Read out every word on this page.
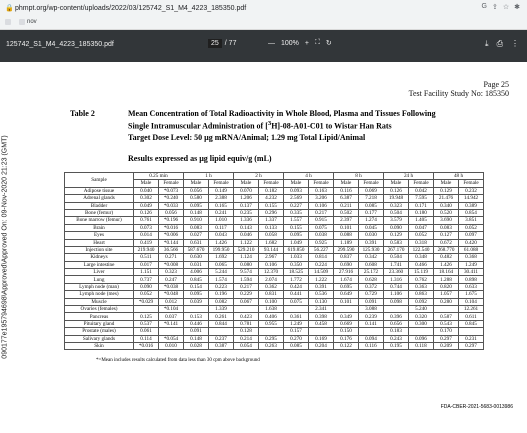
🔒 phmpt.org/wp-content/uploads/2022/03/125742_S1_M4_4223_185350.pdf	G ⇪ ☆ ✱
nov
125742_S1_M4_4223_185350.pdf	25 / 77	— 100% + ⛶ ↻	⤓ ⎙ ⋮
090177e195794698\Approved\Approved On: 09-Nov-2020 21:23 (GMT)
Page 25
Test Facility Study No: 185350
Table 2	Mean Concentration of Total Radioactivity in Whole Blood, Plasma and Tissues Following Single Intramuscular Administration of [$^3$H]-08-A01-C01 to Wistar Han Rats
Target Dose Level: 50 µg mRNA/Animal; 1.29 mg Total Lipid/Animal
Results expressed as µg lipid equiv/g (mL)
Sample	0.25 min		1 h		2 h		4 h		8 h		24 h		48 h	
	Male	Female	Male	Female	Male	Female	Male	Female	Male	Female	Male	Female	Male	Female
Adipose tissue	0.040	*0.073	0.056	0.149	0.070	0.182	0.093	0.163	0.116	0.069	0.126	0.042	0.129	0.232
Adrenal glands	0.302	*0.240	0.580	2.388	1.206	4.232	2.569	3.206	6.387	7.218	19.948	7.595	21.476	14.942
Bladder	0.049	*0.033	0.095	0.165	0.137	0.155	0.227	0.106	0.211	0.085	0.323	0.171	0.340	0.389
Bone (femur)	0.126	0.056	0.148	0.241	0.235	0.296	0.335	0.217	0.502	0.177	0.504	0.180	0.520	0.854
Bone marrow (femur)	0.761	*0.196	0.910	1.010	1.336	1.337	1.557	0.915	2.397	1.274	3.579	1.405	3.690	3.851
Brain	0.073	*0.016	0.083	0.117	0.143	0.133	0.155	0.075	0.101	0.045	0.090	0.047	0.083	0.052
Eyes	0.014	*0.006	0.027	0.043	0.046	0.058	0.095	0.038	0.088	0.030	0.129	0.052	0.127	0.097
Heart	0.419	*0.144	0.631	1.426	1.122	1.682	1.049	0.925	1.189	0.391	0.583	0.318	0.672	0.420
Injection site	219.940	36.566	587.670	199.950	529.210	93.144	619.850	56.227	299.590	125.930	267.170	122.540	268.770	61.088
Kidneys	0.511	0.271	0.630	1.692	1.124	2.967	1.033	0.814	0.837	0.342	0.504	0.348	0.482	0.368
Large intestine	0.017	*0.008	0.031	0.065	0.080	0.106	0.350	0.224	0.690	0.608	1.741	0.466	1.426	1.249
Liver	1.151	0.323	4.006	5.244	9.574	12.370	18.525	14.509	27.916	25.172	23.360	15.119	18.164	30.411
Lung	0.737	0.247	0.845	1.574	1.594	2.074	1.772	1.222	1.674	0.628	1.316	0.762	1.288	0.898
Lymph node (man)	0.090	*0.038	0.154	0.223	0.217	0.362	0.424	0.391	0.695	0.372	0.744	0.363	0.820	0.633
Lymph node (mes)	0.052	*0.048	0.095	0.196	0.229	0.831	0.441	0.536	0.649	0.729	1.106	0.863	1.057	1.675
Muscle	*0.029	0.012	0.039	0.082	0.067	0.100	0.075	0.130	0.101	0.091	0.098	0.092	0.280	0.104
Ovaries (females)		*0.104		1.339		1.638		2.341		3.088		5.240		12.261
Pancreas	0.125	0.037	0.153	0.261	0.423	0.406	0.361	0.398	0.349	0.239	0.396	0.320	0.587	0.611
Pituitary gland	0.537	*0.141	0.446	0.844	0.781	0.955	1.249	0.458	0.669	0.141	0.656	0.300	0.543	0.845
Prostate (males)	0.061		0.091		0.128		0.157		0.150		0.183		0.170	
Salivary glands	0.114	*0.054	0.148	0.237	0.214	0.295	0.270	0.169	0.176	0.094	0.243	0.096	0.297	0.231
Skin	*0.016	0.010	0.028	0.387	0.054	0.263	0.085	0.204	0.122	0.116	0.195	0.118	0.209	0.297
*=Mean includes results calculated from data less than 30 cpm above background
FDA-CBER-2021-5683-0013986
